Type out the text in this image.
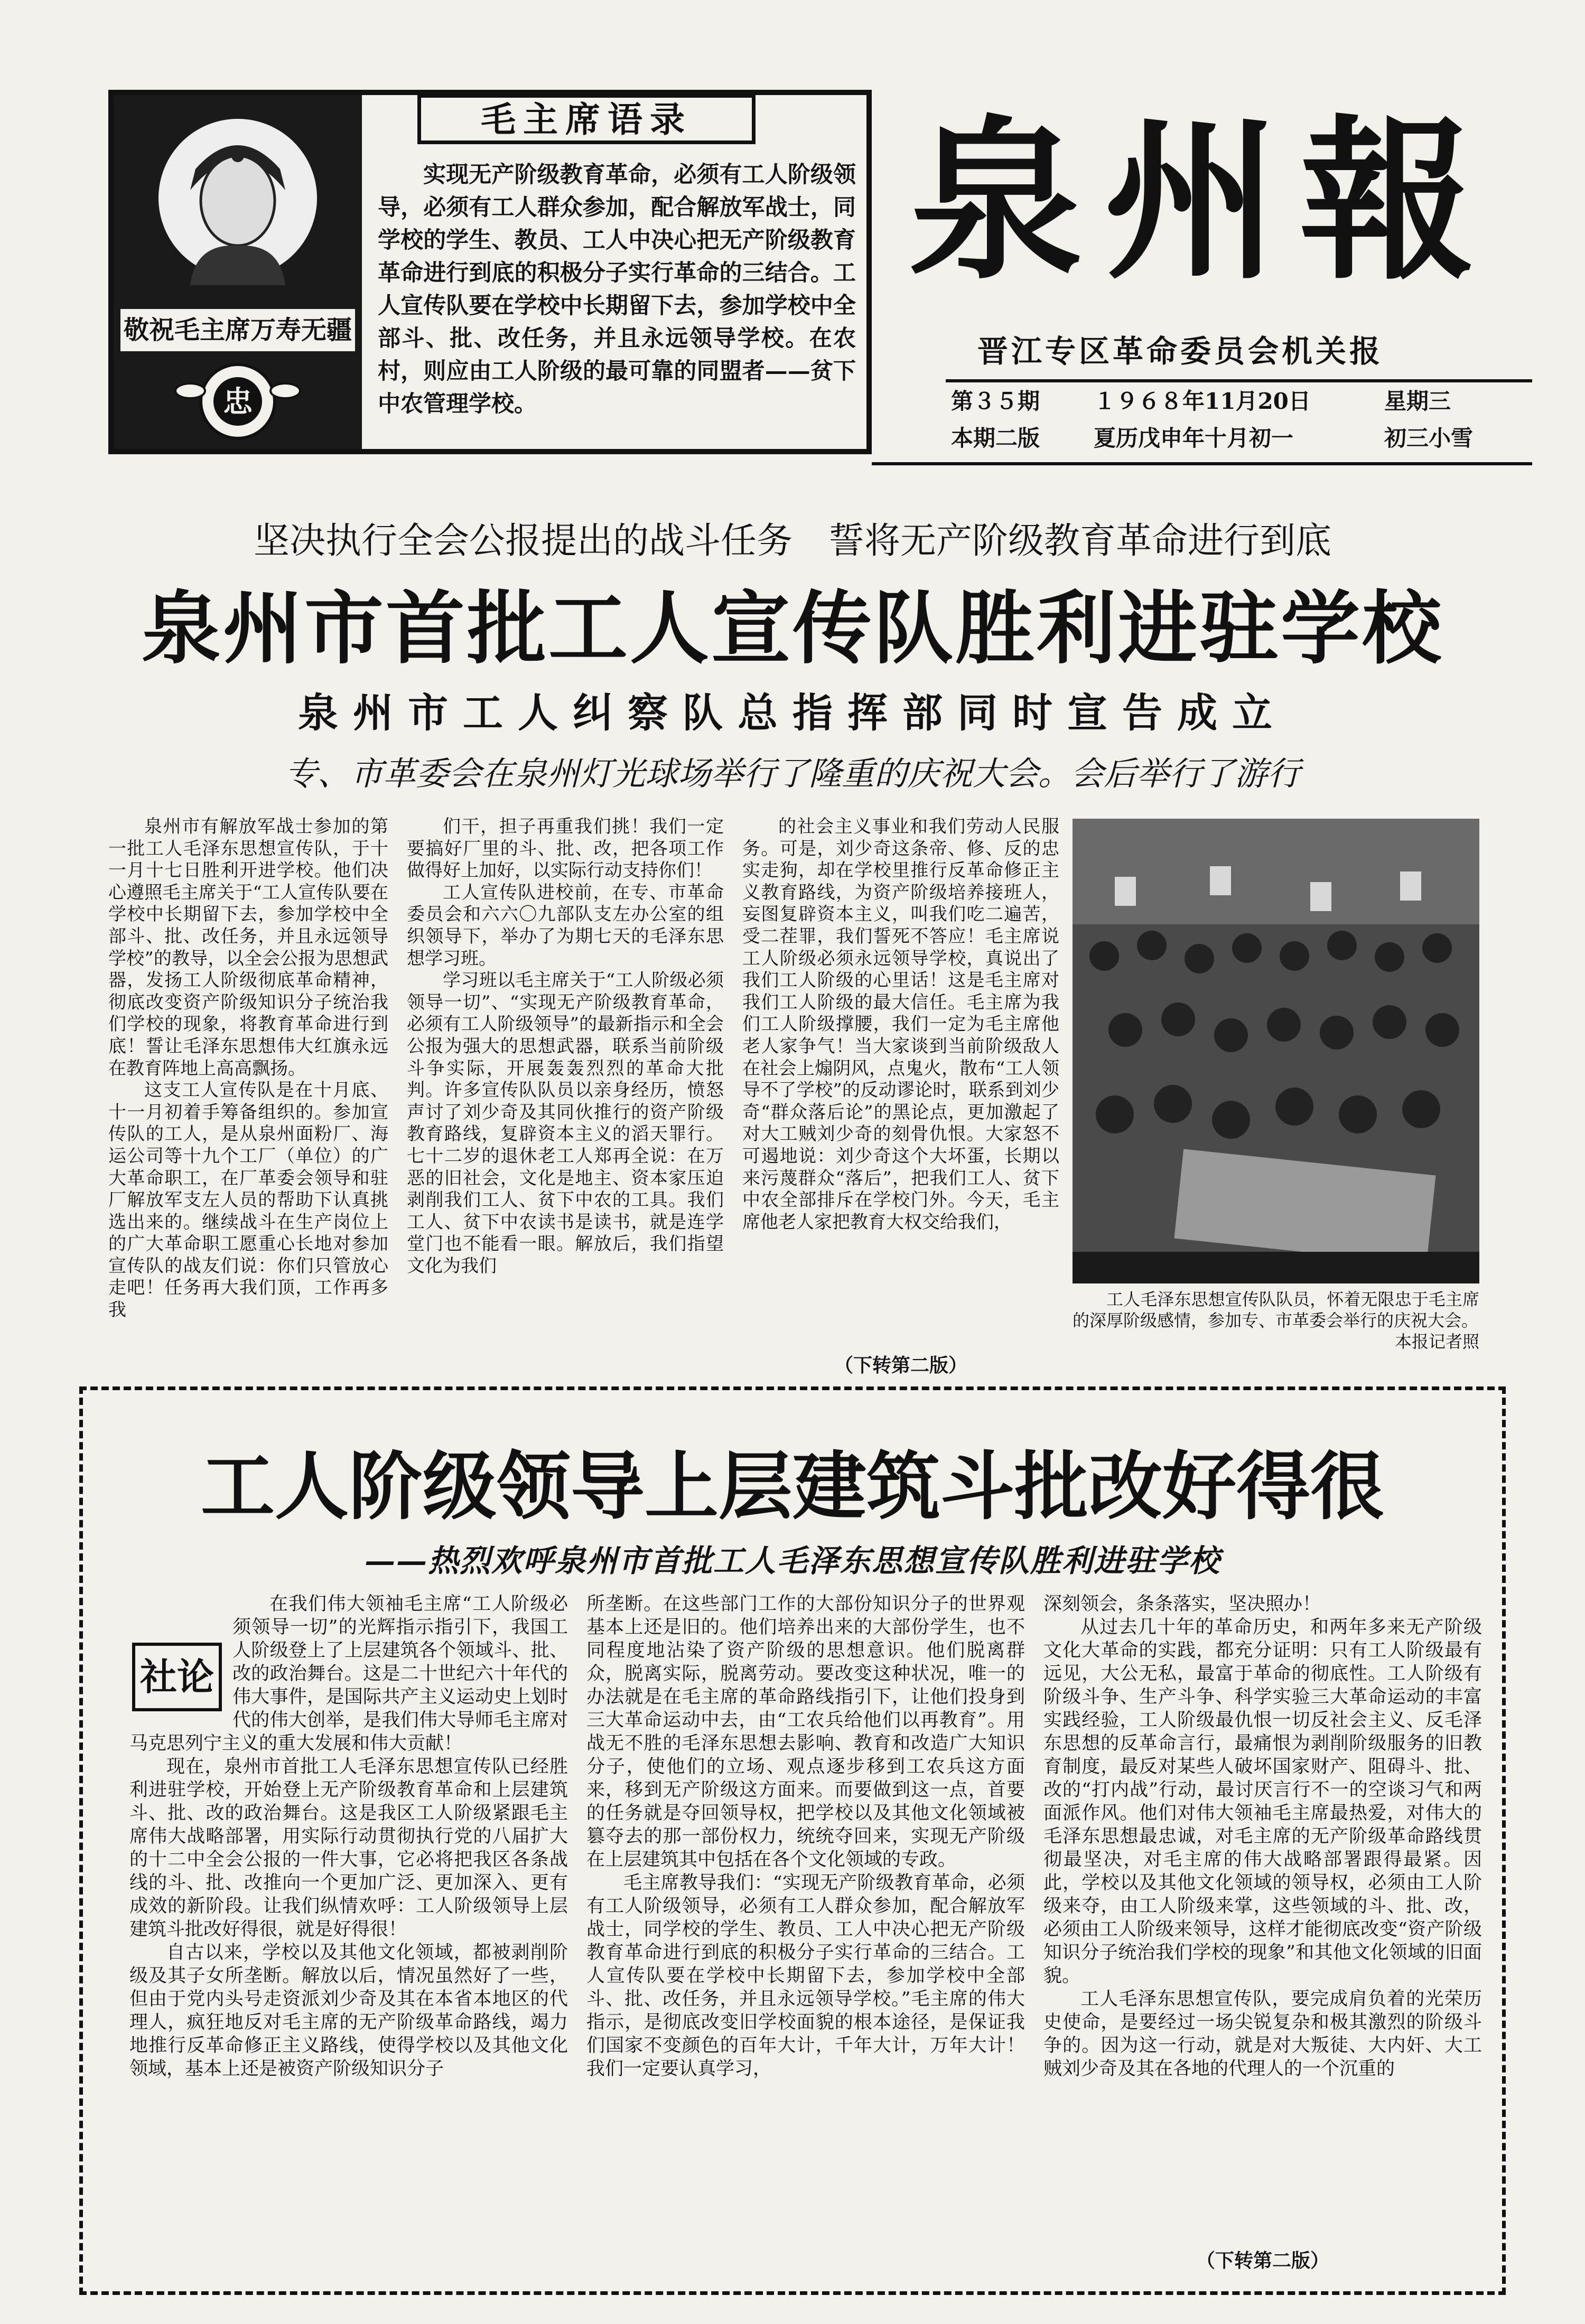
敬祝毛主席万寿无疆
忠
毛主席语录

实现无产阶级教育革命，必须有工人阶级领导，必须有工人群众参加，配合解放军战士，同学校的学生、教员、工人中决心把无产阶级教育革命进行到底的积极分子实行革命的三结合。工人宣传队要在学校中长期留下去，参加学校中全部斗、批、改任务，并且永远领导学校。在农村，则应由工人阶级的最可靠的同盟者——贫下中农管理学校。

泉州報
晋江专区革命委员会机关报
第３５期 １９６８年11月20日	星期三
本期二版 夏历戊申年十月初一	初三小雪
坚决执行全会公报提出的战斗任务　誓将无产阶级教育革命进行到底
泉州市首批工人宣传队胜利进驻学校
泉州市工人纠察队总指挥部同时宣告成立
专、市革委会在泉州灯光球场举行了隆重的庆祝大会。会后举行了游行

泉州市有解放军战士参加的第一批工人毛泽东思想宣传队，于十一月十七日胜利开进学校。他们决心遵照毛主席关于“工人宣传队要在学校中长期留下去，参加学校中全部斗、批、改任务，并且永远领导学校”的教导，以全会公报为思想武器，发扬工人阶级彻底革命精神，彻底改变资产阶级知识分子统治我们学校的现象，将教育革命进行到底！誓让毛泽东思想伟大红旗永远在教育阵地上高高飘扬。

这支工人宣传队是在十月底、十一月初着手筹备组织的。参加宣传队的工人，是从泉州面粉厂、海运公司等十九个工厂（单位）的广大革命职工，在厂革委会领导和驻厂解放军支左人员的帮助下认真挑选出来的。继续战斗在生产岗位上的广大革命职工愿重心长地对参加宣传队的战友们说：你们只管放心走吧！任务再大我们顶，工作再多我

们干，担子再重我们挑！我们一定要搞好厂里的斗、批、改，把各项工作做得好上加好，以实际行动支持你们！

工人宣传队进校前，在专、市革命委员会和六六〇九部队支左办公室的组织领导下，举办了为期七天的毛泽东思想学习班。

学习班以毛主席关于“工人阶级必须领导一切”、“实现无产阶级教育革命，必须有工人阶级领导”的最新指示和全会公报为强大的思想武器，联系当前阶级斗争实际，开展轰轰烈烈的革命大批判。许多宣传队队员以亲身经历，愤怒声讨了刘少奇及其同伙推行的资产阶级教育路线，复辟资本主义的滔天罪行。七十二岁的退休老工人郑再全说：在万恶的旧社会，文化是地主、资本家压迫剥削我们工人、贫下中农的工具。我们工人、贫下中农读书是读书，就是连学堂门也不能看一眼。解放后，我们指望文化为我们

的社会主义事业和我们劳动人民服务。可是，刘少奇这条帝、修、反的忠实走狗，却在学校里推行反革命修正主义教育路线，为资产阶级培养接班人，妄图复辟资本主义，叫我们吃二遍苦，受二茬罪，我们誓死不答应！毛主席说工人阶级必须永远领导学校，真说出了我们工人阶级的心里话！这是毛主席对我们工人阶级的最大信任。毛主席为我们工人阶级撑腰，我们一定为毛主席他老人家争气！当大家谈到当前阶级敌人在社会上煽阴风，点鬼火，散布“工人领导不了学校”的反动谬论时，联系到刘少奇“群众落后论”的黑论点，更加激起了对大工贼刘少奇的刻骨仇恨。大家怒不可遏地说：刘少奇这个大坏蛋，长期以来污蔑群众“落后”，把我们工人、贫下中农全部排斥在学校门外。今天，毛主席他老人家把教育大权交给我们，

（下转第二版）

工人毛泽东思想宣传队队员，怀着无限忠于毛主席的深厚阶级感情，参加专、市革委会举行的庆祝大会。

本报记者照
工人阶级领导上层建筑斗批改好得很
——热烈欢呼泉州市首批工人毛泽东思想宣传队胜利进驻学校

在我们伟大领袖毛主席“工人阶级必须领导一切”的光辉指示指引下，我国工人阶级登上了上层建筑各个领域斗、批、改的政治舞台。这是二十世纪六十年代的伟大事件，是国际共产主义运动史上划时代的伟大创举，是我们伟大导师毛主席对马克思列宁主义的重大发展和伟大贡献！

现在，泉州市首批工人毛泽东思想宣传队已经胜利进驻学校，开始登上无产阶级教育革命和上层建筑斗、批、改的政治舞台。这是我区工人阶级紧跟毛主席伟大战略部署，用实际行动贯彻执行党的八届扩大的十二中全会公报的一件大事，它必将把我区各条战线的斗、批、改推向一个更加广泛、更加深入、更有成效的新阶段。让我们纵情欢呼：工人阶级领导上层建筑斗批改好得很，就是好得很！

自古以来，学校以及其他文化领域，都被剥削阶级及其子女所垄断。解放以后，情况虽然好了一些，但由于党内头号走资派刘少奇及其在本省本地区的代理人，疯狂地反对毛主席的无产阶级革命路线，竭力地推行反革命修正主义路线，使得学校以及其他文化领域，基本上还是被资产阶级知识分子

社论

所垄断。在这些部门工作的大部份知识分子的世界观基本上还是旧的。他们培养出来的大部份学生，也不同程度地沾染了资产阶级的思想意识。他们脱离群众，脱离实际，脱离劳动。要改变这种状况，唯一的办法就是在毛主席的革命路线指引下，让他们投身到三大革命运动中去，由“工农兵给他们以再教育”。用战无不胜的毛泽东思想去影响、教育和改造广大知识分子，使他们的立场、观点逐步移到工农兵这方面来，移到无产阶级这方面来。而要做到这一点，首要的任务就是夺回领导权，把学校以及其他文化领域被篡夺去的那一部份权力，统统夺回来，实现无产阶级在上层建筑其中包括在各个文化领域的专政。

毛主席教导我们：“实现无产阶级教育革命，必须有工人阶级领导，必须有工人群众参加，配合解放军战士，同学校的学生、教员、工人中决心把无产阶级教育革命进行到底的积极分子实行革命的三结合。工人宣传队要在学校中长期留下去，参加学校中全部斗、批、改任务，并且永远领导学校。”毛主席的伟大指示，是彻底改变旧学校面貌的根本途径，是保证我们国家不变颜色的百年大计，千年大计，万年大计！我们一定要认真学习，

深刻领会，条条落实，坚决照办！

从过去几十年的革命历史，和两年多来无产阶级文化大革命的实践，都充分证明：只有工人阶级最有远见，大公无私，最富于革命的彻底性。工人阶级有阶级斗争、生产斗争、科学实验三大革命运动的丰富实践经验，工人阶级最仇恨一切反社会主义、反毛泽东思想的反革命言行，最痛恨为剥削阶级服务的旧教育制度，最反对某些人破坏国家财产、阻碍斗、批、改的“打内战”行动，最讨厌言行不一的空谈习气和两面派作风。他们对伟大领袖毛主席最热爱，对伟大的毛泽东思想最忠诚，对毛主席的无产阶级革命路线贯彻最坚决，对毛主席的伟大战略部署跟得最紧。因此，学校以及其他文化领域的领导权，必须由工人阶级来夺，由工人阶级来掌，这些领域的斗、批、改，必须由工人阶级来领导，这样才能彻底改变“资产阶级知识分子统治我们学校的现象”和其他文化领域的旧面貌。

工人毛泽东思想宣传队，要完成肩负着的光荣历史使命，是要经过一场尖锐复杂和极其激烈的阶级斗争的。因为这一行动，就是对大叛徒、大内奸、大工贼刘少奇及其在各地的代理人的一个沉重的

（下转第二版）
